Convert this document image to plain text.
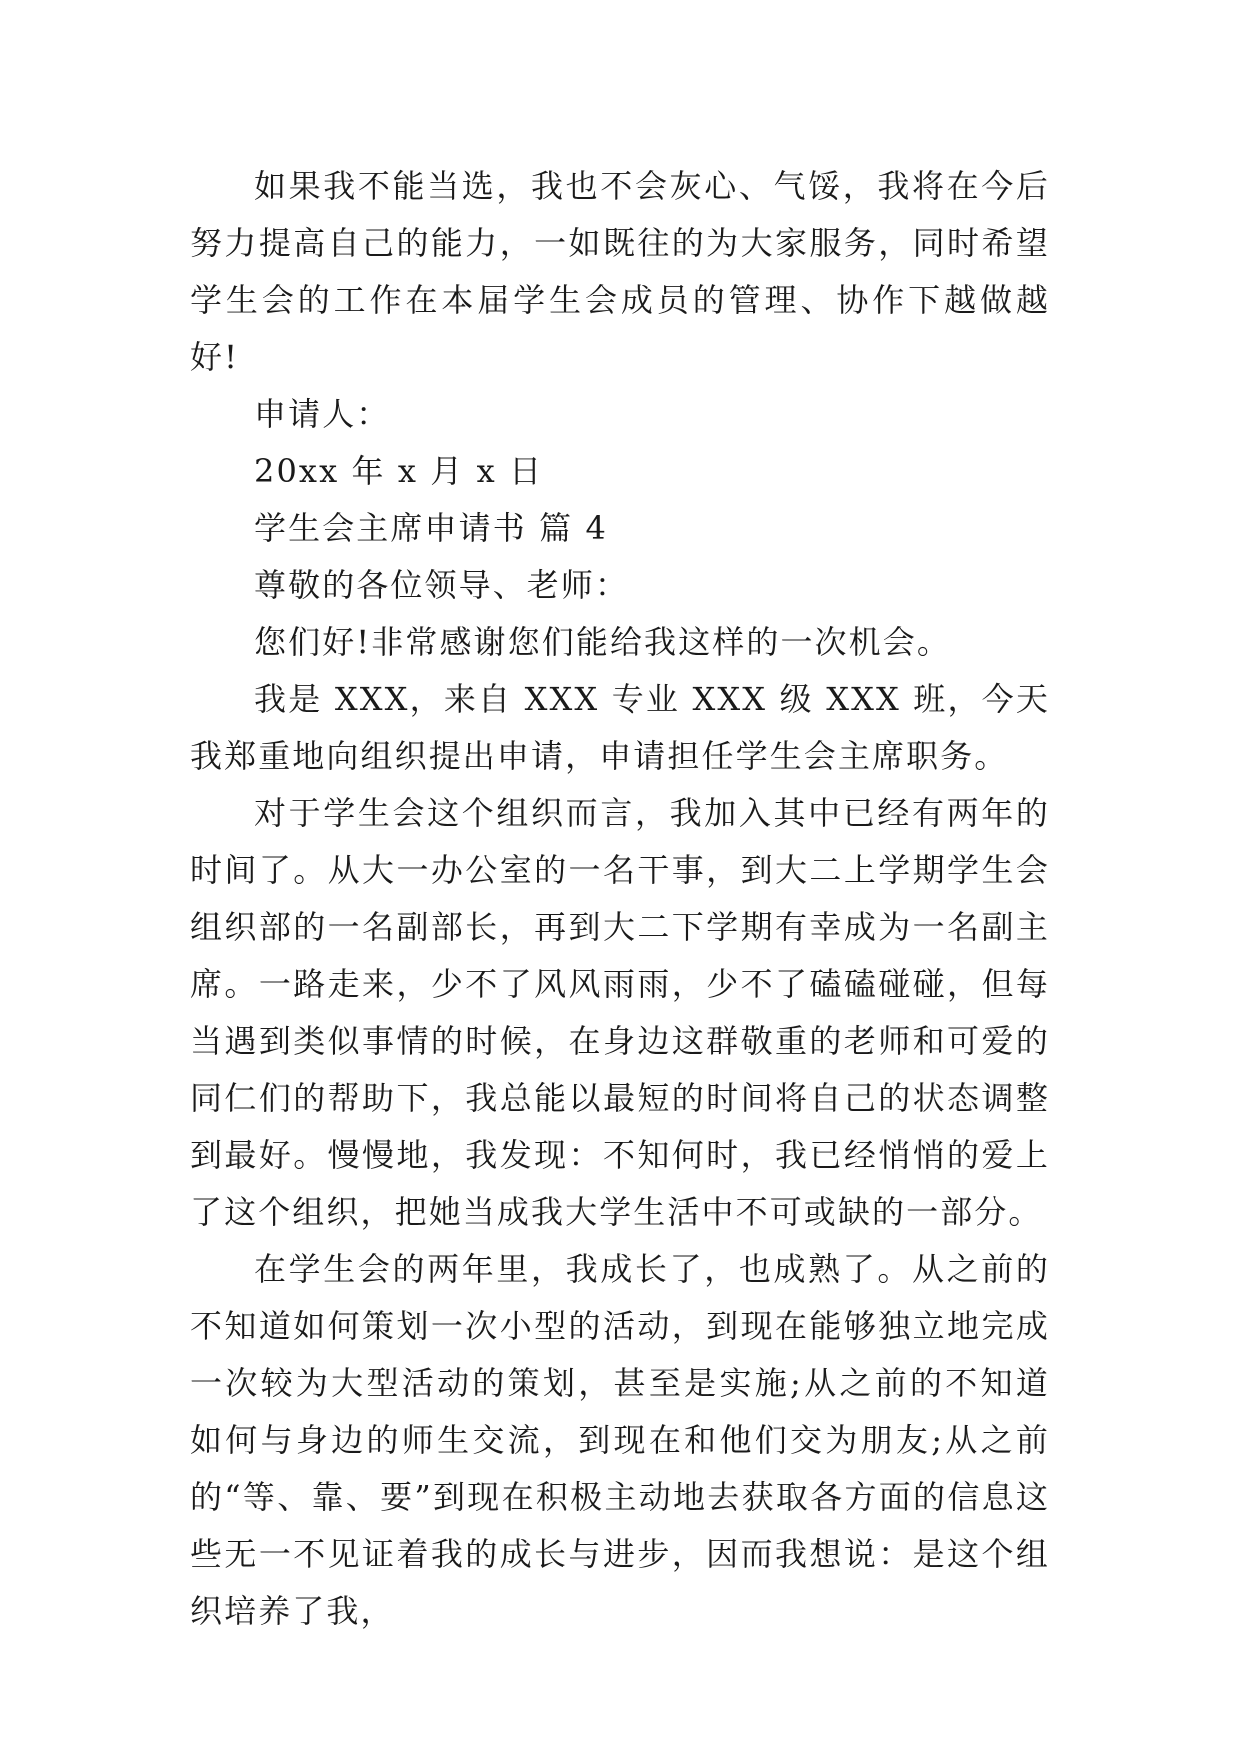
如果我不能当选，我也不会灰心、气馁，我将在今后努力提高自己的能力，一如既往的为大家服务，同时希望学生会的工作在本届学生会成员的管理、协作下越做越好!

申请人：

20xx 年 x 月 x 日

学生会主席申请书 篇 4

尊敬的各位领导、老师：

您们好!非常感谢您们能给我这样的一次机会。

我是 XXX，来自 XXX 专业 XXX 级 XXX 班，今天我郑重地向组织提出申请，申请担任学生会主席职务。

对于学生会这个组织而言，我加入其中已经有两年的时间了。从大一办公室的一名干事，到大二上学期学生会组织部的一名副部长，再到大二下学期有幸成为一名副主席。一路走来，少不了风风雨雨，少不了磕磕碰碰，但每当遇到类似事情的时候，在身边这群敬重的老师和可爱的同仁们的帮助下，我总能以最短的时间将自己的状态调整到最好。慢慢地，我发现：不知何时，我已经悄悄的爱上了这个组织，把她当成我大学生活中不可或缺的一部分。

在学生会的两年里，我成长了，也成熟了。从之前的不知道如何策划一次小型的活动，到现在能够独立地完成一次较为大型活动的策划，甚至是实施;从之前的不知道如何与身边的师生交流，到现在和他们交为朋友;从之前的“等、靠、要”到现在积极主动地去获取各方面的信息这些无一不见证着我的成长与进步，因而我想说：是这个组织培养了我，
